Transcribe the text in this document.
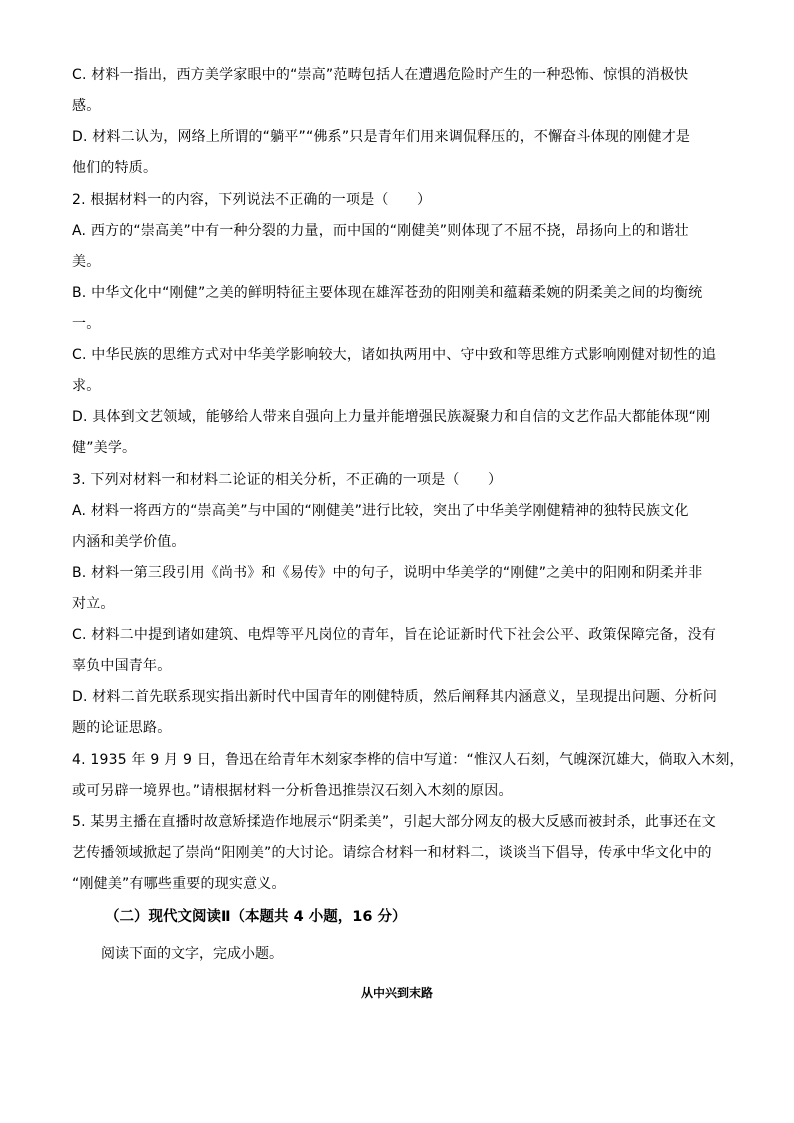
C. 材料一指出，西方美学家眼中的“崇高”范畴包括人在遭遇危险时产生的一种恐怖、惊惧的消极快
感。
D. 材料二认为，网络上所谓的“躺平”“佛系”只是青年们用来调侃释压的，不懈奋斗体现的刚健才是
他们的特质。
2. 根据材料一的内容，下列说法不正确的一项是（　　）
A. 西方的“崇高美”中有一种分裂的力量，而中国的“刚健美”则体现了不屈不挠，昂扬向上的和谐壮
美。
B. 中华文化中“刚健”之美的鲜明特征主要体现在雄浑苍劲的阳刚美和蕴藉柔婉的阴柔美之间的均衡统
一。
C. 中华民族的思维方式对中华美学影响较大，诸如执两用中、守中致和等思维方式影响刚健对韧性的追
求。
D. 具体到文艺领域，能够给人带来自强向上力量并能增强民族凝聚力和自信的文艺作品大都能体现“刚
健”美学。
3. 下列对材料一和材料二论证的相关分析，不正确的一项是（　　）
A. 材料一将西方的“崇高美”与中国的“刚健美”进行比较，突出了中华美学刚健精神的独特民族文化
内涵和美学价值。
B. 材料一第三段引用《尚书》和《易传》中的句子，说明中华美学的“刚健”之美中的阳刚和阴柔并非
对立。
C. 材料二中提到诸如建筑、电焊等平凡岗位的青年，旨在论证新时代下社会公平、政策保障完备，没有
辜负中国青年。
D. 材料二首先联系现实指出新时代中国青年的刚健特质，然后阐释其内涵意义，呈现提出问题、分析问
题的论证思路。
4. 1935 年 9 月 9 日，鲁迅在给青年木刻家李桦的信中写道：“惟汉人石刻，气魄深沉雄大，倘取入木刻，
或可另辟一境界也。”请根据材料一分析鲁迅推崇汉石刻入木刻的原因。
5. 某男主播在直播时故意矫揉造作地展示“阴柔美”，引起大部分网友的极大反感而被封杀，此事还在文
艺传播领域掀起了崇尚“阳刚美”的大讨论。请综合材料一和材料二，谈谈当下倡导，传承中华文化中的
“刚健美”有哪些重要的现实意义。
（二）现代文阅读Ⅱ（本题共 4 小题，16 分）
阅读下面的文字，完成小题。
从中兴到末路
